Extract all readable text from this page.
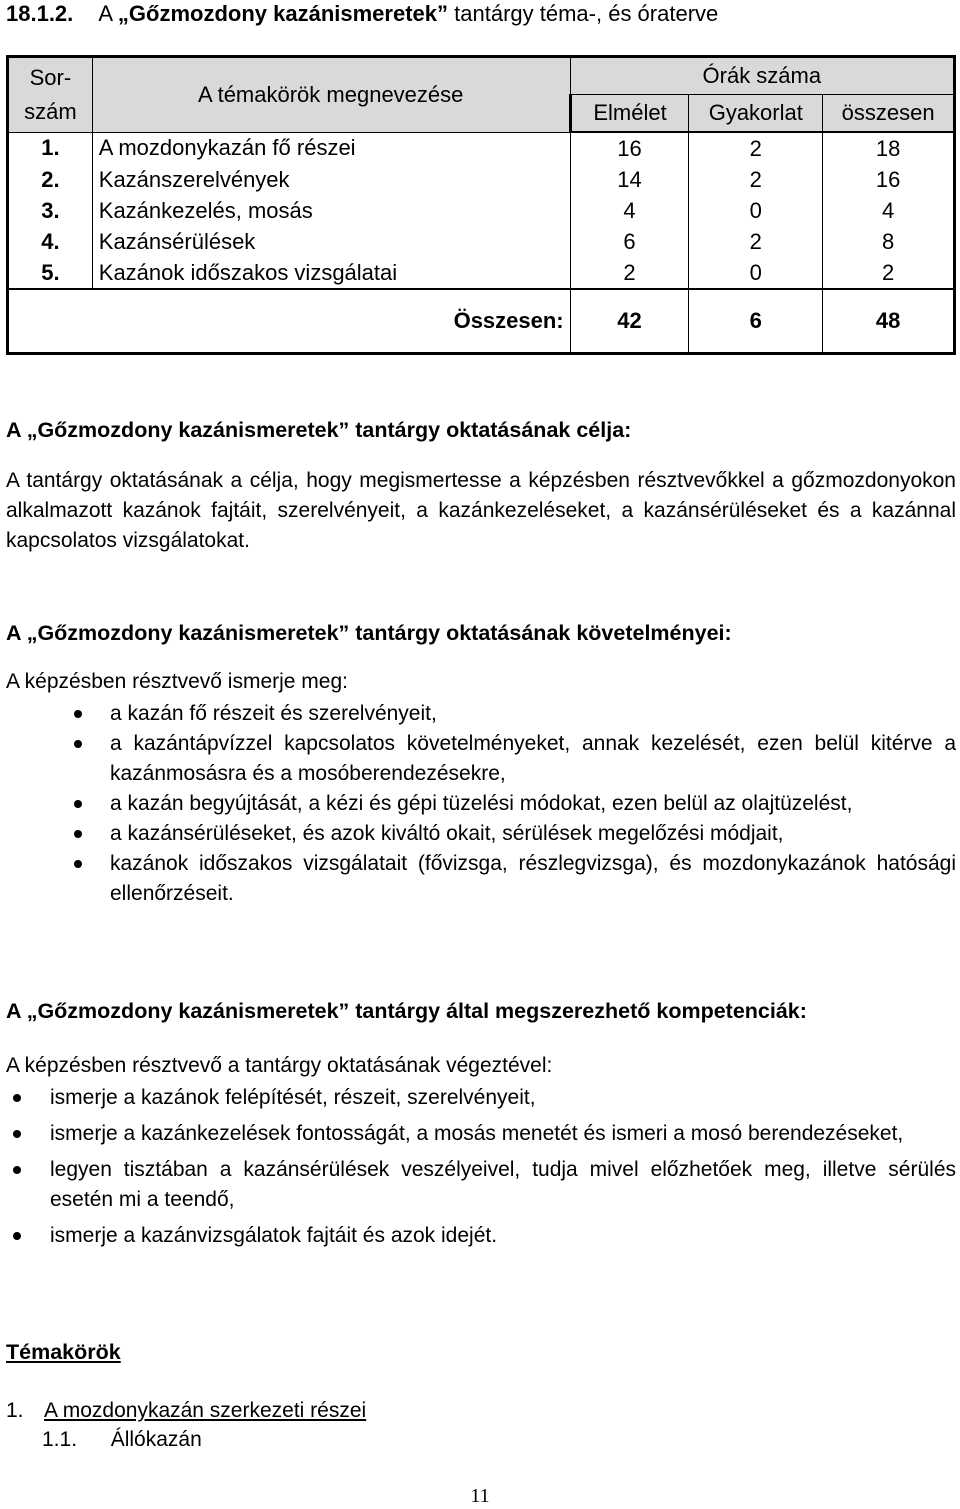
18.1.2. A „Gőzmozdony kazánismeretek” tantárgy téma-, és óraterve
Sor-
szám	A témakörök megnevezése	Órák száma		
		Elmélet	Gyakorlat	összesen
1.	A mozdonykazán fő részei	16	2	18
2.	Kazánszerelvények	14	2	16
3.	Kazánkezelés, mosás	4	0	4
4.	Kazánsérülések	6	2	8
5.	Kazánok időszakos vizsgálatai	2	0	2
Összesen:		42	6	48
A „Gőzmozdony kazánismeretek” tantárgy oktatásának célja:
A tantárgy oktatásának a célja, hogy megismertesse a képzésben résztvevőkkel a gőzmozdonyokon alkalmazott kazánok fajtáit, szerelvényeit, a kazánkezeléseket, a kazánsérüléseket és a kazánnal kapcsolatos vizsgálatokat.
A „Gőzmozdony kazánismeretek” tantárgy oktatásának követelményei:
A képzésben résztvevő ismerje meg:
a kazán fő részeit és szerelvényeit,
a kazántápvízzel kapcsolatos követelményeket, annak kezelését, ezen belül kitérve a kazánmosásra és a mosóberendezésekre,
a kazán begyújtását, a kézi és gépi tüzelési módokat, ezen belül az olajtüzelést,
a kazánsérüléseket, és azok kiváltó okait, sérülések megelőzési módjait,
kazánok időszakos vizsgálatait (fővizsga, részlegvizsga), és mozdonykazánok hatósági ellenőrzéseit.
A „Gőzmozdony kazánismeretek” tantárgy által megszerezhető kompetenciák:
A képzésben résztvevő a tantárgy oktatásának végeztével:
ismerje a kazánok felépítését, részeit, szerelvényeit,
ismerje a kazánkezelések fontosságát, a mosás menetét és ismeri a mosó berendezéseket,
legyen tisztában a kazánsérülések veszélyeivel, tudja mivel előzhetőek meg, illetve sérülés esetén mi a teendő,
ismerje a kazánvizsgálatok fajtáit és azok idejét.
Témakörök
1. A mozdonykazán szerkezeti részei
1.1. Állókazán
11
